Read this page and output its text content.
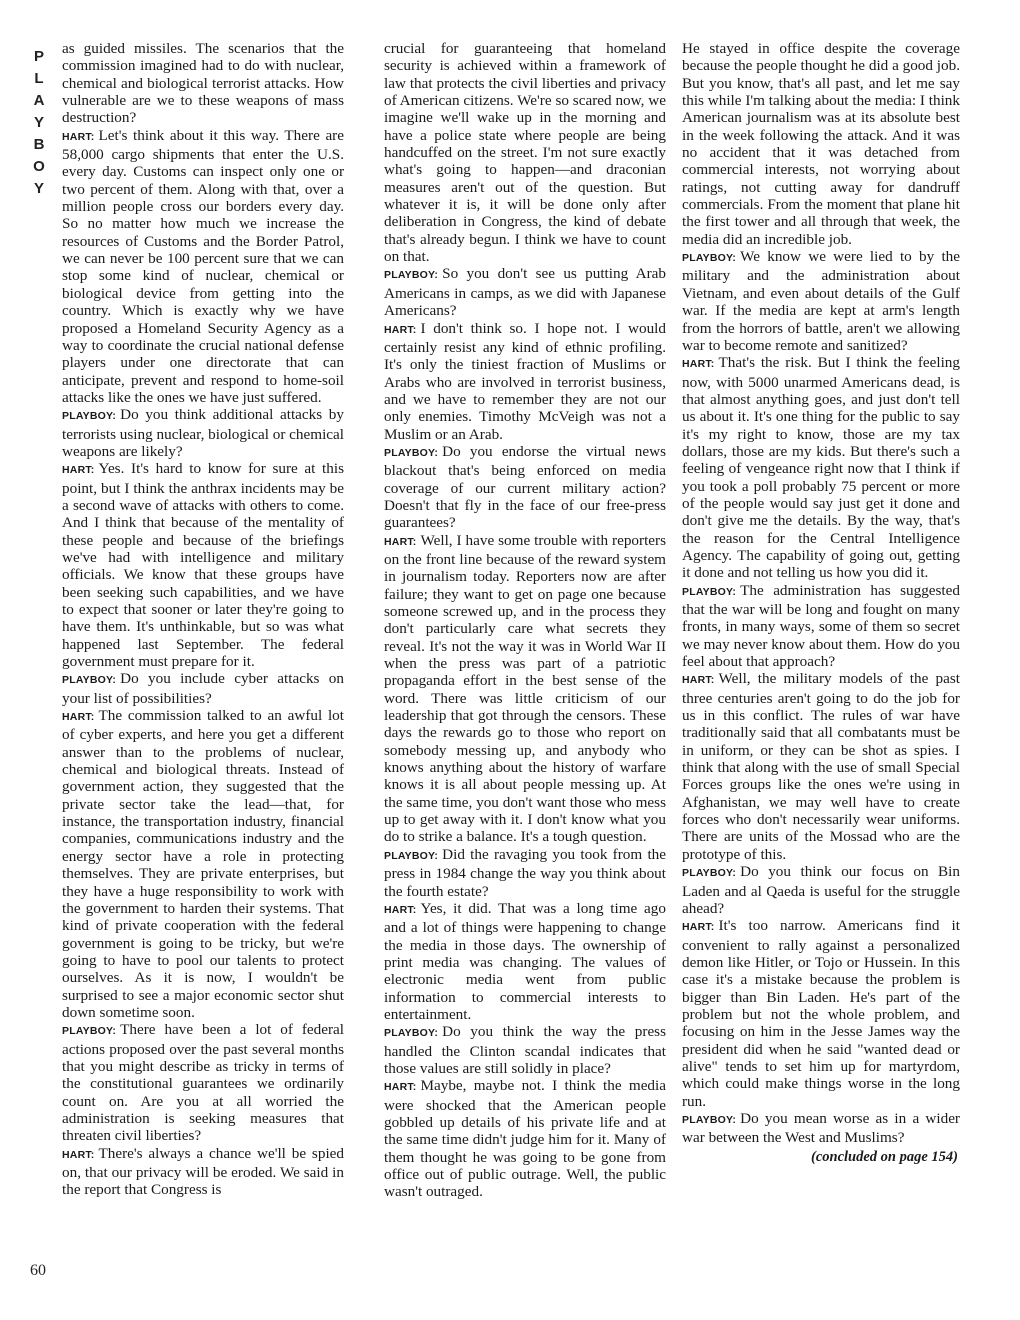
P
L
A
Y
B
O
Y
60

as guided missiles. The scenarios that the commission imagined had to do with nuclear, chemical and biological terrorist attacks. How vulnerable are we to these weapons of mass destruction?

HART: Let's think about it this way. There are 58,000 cargo shipments that enter the U.S. every day. Customs can inspect only one or two percent of them. Along with that, over a million people cross our borders every day. So no matter how much we increase the resources of Customs and the Border Patrol, we can never be 100 percent sure that we can stop some kind of nuclear, chemical or biological device from getting into the country. Which is exactly why we have proposed a Homeland Security Agency as a way to coordinate the crucial national defense players under one directorate that can anticipate, prevent and respond to home-soil attacks like the ones we have just suffered.

PLAYBOY: Do you think additional attacks by terrorists using nuclear, biological or chemical weapons are likely?

HART: Yes. It's hard to know for sure at this point, but I think the anthrax incidents may be a second wave of attacks with others to come. And I think that because of the mentality of these people and because of the briefings we've had with intelligence and military officials. We know that these groups have been seeking such capabilities, and we have to expect that sooner or later they're going to have them. It's unthinkable, but so was what happened last September. The federal government must prepare for it.

PLAYBOY: Do you include cyber attacks on your list of possibilities?

HART: The commission talked to an awful lot of cyber experts, and here you get a different answer than to the problems of nuclear, chemical and biological threats. Instead of government action, they suggested that the private sector take the lead—that, for instance, the transportation industry, financial companies, communications industry and the energy sector have a role in protecting themselves. They are private enterprises, but they have a huge responsibility to work with the government to harden their systems. That kind of private cooperation with the federal government is going to be tricky, but we're going to have to pool our talents to protect ourselves. As it is now, I wouldn't be surprised to see a major economic sector shut down sometime soon.

PLAYBOY: There have been a lot of federal actions proposed over the past several months that you might describe as tricky in terms of the constitutional guarantees we ordinarily count on. Are you at all worried the administration is seeking measures that threaten civil liberties?

HART: There's always a chance we'll be spied on, that our privacy will be eroded. We said in the report that Congress is

crucial for guaranteeing that homeland security is achieved within a framework of law that protects the civil liberties and privacy of American citizens. We're so scared now, we imagine we'll wake up in the morning and have a police state where people are being handcuffed on the street. I'm not sure exactly what's going to happen—and draconian measures aren't out of the question. But whatever it is, it will be done only after deliberation in Congress, the kind of debate that's already begun. I think we have to count on that.

PLAYBOY: So you don't see us putting Arab Americans in camps, as we did with Japanese Americans?

HART: I don't think so. I hope not. I would certainly resist any kind of ethnic profiling. It's only the tiniest fraction of Muslims or Arabs who are involved in terrorist business, and we have to remember they are not our only enemies. Timothy McVeigh was not a Muslim or an Arab.

PLAYBOY: Do you endorse the virtual news blackout that's being enforced on media coverage of our current military action? Doesn't that fly in the face of our free-press guarantees?

HART: Well, I have some trouble with reporters on the front line because of the reward system in journalism today. Reporters now are after failure; they want to get on page one because someone screwed up, and in the process they don't particularly care what secrets they reveal. It's not the way it was in World War II when the press was part of a patriotic propaganda effort in the best sense of the word. There was little criticism of our leadership that got through the censors. These days the rewards go to those who report on somebody messing up, and anybody who knows anything about the history of warfare knows it is all about people messing up. At the same time, you don't want those who mess up to get away with it. I don't know what you do to strike a balance. It's a tough question.

PLAYBOY: Did the ravaging you took from the press in 1984 change the way you think about the fourth estate?

HART: Yes, it did. That was a long time ago and a lot of things were happening to change the media in those days. The ownership of print media was changing. The values of electronic media went from public information to commercial interests to entertainment.

PLAYBOY: Do you think the way the press handled the Clinton scandal indicates that those values are still solidly in place?

HART: Maybe, maybe not. I think the media were shocked that the American people gobbled up details of his private life and at the same time didn't judge him for it. Many of them thought he was going to be gone from office out of public outrage. Well, the public wasn't outraged.

He stayed in office despite the coverage because the people thought he did a good job. But you know, that's all past, and let me say this while I'm talking about the media: I think American journalism was at its absolute best in the week following the attack. And it was no accident that it was detached from commercial interests, not worrying about ratings, not cutting away for dandruff commercials. From the moment that plane hit the first tower and all through that week, the media did an incredible job.

PLAYBOY: We know we were lied to by the military and the administration about Vietnam, and even about details of the Gulf war. If the media are kept at arm's length from the horrors of battle, aren't we allowing war to become remote and sanitized?

HART: That's the risk. But I think the feeling now, with 5000 unarmed Americans dead, is that almost anything goes, and just don't tell us about it. It's one thing for the public to say it's my right to know, those are my tax dollars, those are my kids. But there's such a feeling of vengeance right now that I think if you took a poll probably 75 percent or more of the people would say just get it done and don't give me the details. By the way, that's the reason for the Central Intelligence Agency. The capability of going out, getting it done and not telling us how you did it.

PLAYBOY: The administration has suggested that the war will be long and fought on many fronts, in many ways, some of them so secret we may never know about them. How do you feel about that approach?

HART: Well, the military models of the past three centuries aren't going to do the job for us in this conflict. The rules of war have traditionally said that all combatants must be in uniform, or they can be shot as spies. I think that along with the use of small Special Forces groups like the ones we're using in Afghanistan, we may well have to create forces who don't necessarily wear uniforms. There are units of the Mossad who are the prototype of this.

PLAYBOY: Do you think our focus on Bin Laden and al Qaeda is useful for the struggle ahead?

HART: It's too narrow. Americans find it convenient to rally against a personalized demon like Hitler, or Tojo or Hussein. In this case it's a mistake because the problem is bigger than Bin Laden. He's part of the problem but not the whole problem, and focusing on him in the Jesse James way the president did when he said "wanted dead or alive" tends to set him up for martyrdom, which could make things worse in the long run.

PLAYBOY: Do you mean worse as in a wider war between the West and Muslims?

(concluded on page 154)
